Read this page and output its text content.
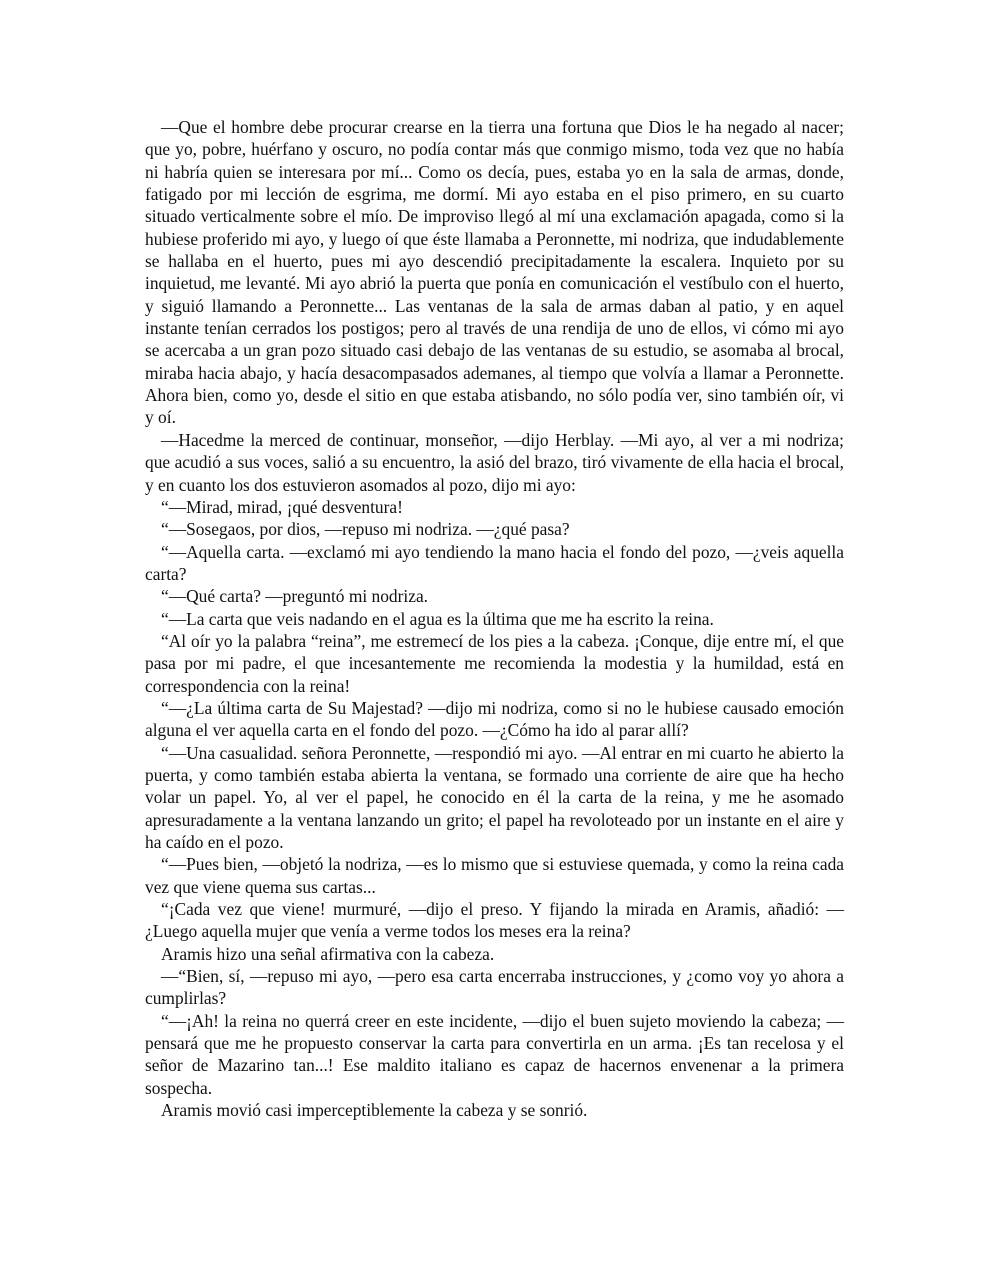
—Que el hombre debe procurar crearse en la tierra una fortuna que Dios le ha negado al nacer; que yo, pobre, huérfano y oscuro, no podía contar más que conmigo mismo, toda vez que no había ni habría quien se interesara por mí... Como os decía, pues, estaba yo en la sala de armas, donde, fatigado por mi lección de esgrima, me dormí. Mi ayo estaba en el piso primero, en su cuarto situado verticalmente sobre el mío. De improviso llegó al mí una exclamación apagada, como si la hubiese proferido mi ayo, y luego oí que éste llamaba a Peronnette, mi nodriza, que indudablemente se hallaba en el huerto, pues mi ayo descendió precipitadamente la escalera. Inquieto por su inquietud, me levanté. Mi ayo abrió la puerta que ponía en comunicación el vestíbulo con el huerto, y siguió llamando a Peronnette... Las ventanas de la sala de armas daban al patio, y en aquel instante tenían cerrados los postigos; pero al través de una rendija de uno de ellos, vi cómo mi ayo se acercaba a un gran pozo situado casi debajo de las ventanas de su estudio, se asomaba al brocal, miraba hacia abajo, y hacía desacompasados ademanes, al tiempo que volvía a llamar a Peronnette. Ahora bien, como yo, desde el sitio en que estaba atisbando, no sólo podía ver, sino también oír, vi y oí.

—Hacedme la merced de continuar, monseñor, —dijo Herblay. —Mi ayo, al ver a mi nodriza; que acudió a sus voces, salió a su encuentro, la asió del brazo, tiró vivamente de ella hacia el brocal, y en cuanto los dos estuvieron asomados al pozo, dijo mi ayo:

“—Mirad, mirad, ¡qué desventura!

“—Sosegaos, por dios, —repuso mi nodriza. —¿qué pasa?

“—Aquella carta. —exclamó mi ayo tendiendo la mano hacia el fondo del pozo, —¿veis aquella carta?

“—Qué carta? —preguntó mi nodriza.

“—La carta que veis nadando en el agua es la última que me ha escrito la reina.

“Al oír yo la palabra “reina”, me estremecí de los pies a la cabeza. ¡Conque, dije entre mí, el que pasa por mi padre, el que incesantemente me recomienda la modestia y la humildad, está en correspondencia con la reina!

“—¿La última carta de Su Majestad? —dijo mi nodriza, como si no le hubiese causado emoción alguna el ver aquella carta en el fondo del pozo. —¿Cómo ha ido al parar allí?

“—Una casualidad. señora Peronnette, —respondió mi ayo. —Al entrar en mi cuarto he abierto la puerta, y como también estaba abierta la ventana, se formado una corriente de aire que ha hecho volar un papel. Yo, al ver el papel, he conocido en él la carta de la reina, y me he asomado apresuradamente a la ventana lanzando un grito; el papel ha revoloteado por un instante en el aire y ha caído en el pozo.

“—Pues bien, —objetó la nodriza, —es lo mismo que si estuviese quemada, y como la reina cada vez que viene quema sus cartas...

“¡Cada vez que viene! murmuré, —dijo el preso. Y fijando la mirada en Aramis, añadió: —¿Luego aquella mujer que venía a verme todos los meses era la reina?

Aramis hizo una señal afirmativa con la cabeza.

—“Bien, sí, —repuso mi ayo, —pero esa carta encerraba instrucciones, y ¿como voy yo ahora a cumplirlas?

“—¡Ah! la reina no querrá creer en este incidente, —dijo el buen sujeto moviendo la cabeza; —pensará que me he propuesto conservar la carta para convertirla en un arma. ¡Es tan recelosa y el señor de Mazarino tan...! Ese maldito italiano es capaz de hacernos envenenar a la primera sospecha.

Aramis movió casi imperceptiblemente la cabeza y se sonrió.
